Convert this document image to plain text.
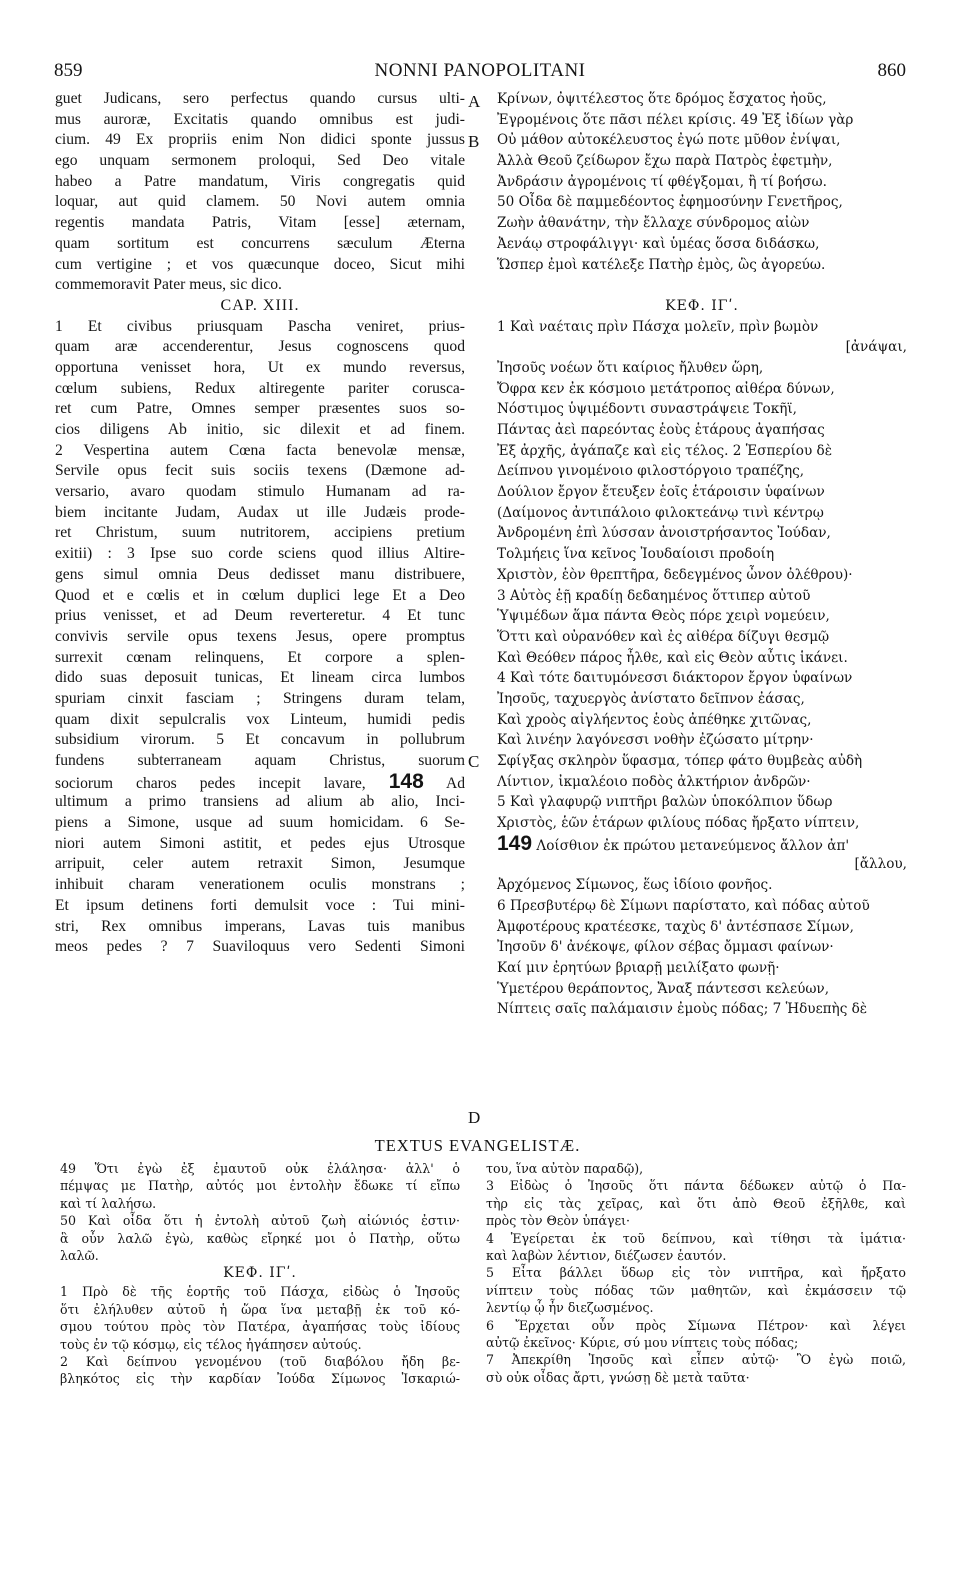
859	NONNI PANOPOLITANI	860
guet Judicans, sero perfectus quando cursus ulti-
mus auroræ, Excitatis quando omnibus est judi-
cium. 49 Ex propriis enim Non didici sponte jussus
ego unquam sermonem proloqui, Sed Deo vitale
habeo a Patre mandatum, Viris congregatis quid
loquar, aut quid clamem. 50 Novi autem omnia
regentis mandata Patris, Vitam [esse] æternam,
quam sortitum est concurrens sæculum Æterna
cum vertigine ; et vos quæcunque doceo, Sicut mihi
commemoravit Pater meus, sic dico.
CAP. XIII.
1 Et civibus priusquam Pascha veniret, prius-
quam aræ accenderentur, Jesus cognoscens quod
opportuna venisset hora, Ut ex mundo reversus,
cœlum subiens, Redux altiregente pariter corusca-
ret cum Patre, Omnes semper præsentes suos so-
cios diligens Ab initio, sic dilexit et ad finem.
2 Vespertina autem Cœna facta benevolæ mensæ,
Servile opus fecit suis sociis texens (Dæmone ad-
versario, avaro quodam stimulo Humanam ad ra-
biem incitante Judam, Audax ut ille Judæis prode-
ret Christum, suum nutritorem, accipiens pretium
exitii) : 3 Ipse suo corde sciens quod illius Altire-
gens simul omnia Deus dedisset manu distribuere,
Quod et e cœlis et in cœlum duplici lege Et a Deo
prius venisset, et ad Deum reverteretur. 4 Et tunc
convivis servile opus texens Jesus, opere promptus
surrexit cœnam relinquens, Et corpore a splen-
dido suas deposuit tunicas, Et lineam circa lumbos
spuriam cinxit fasciam ; Stringens duram telam,
quam dixit sepulcralis vox Linteum, humidi pedis
subsidium virorum. 5 Et concavum in pollubrum
fundens subterraneam aquam Christus, suorum
sociorum charos pedes incepit lavare, 148 Ad
ultimum a primo transiens ad alium ab alio, Inci-
piens a Simone, usque ad suum homicidam. 6 Se-
niori autem Simoni astitit, et pedes ejus Utrosque
arripuit, celer autem retraxit Simon, Jesumque
inhibuit charam venerationem oculis monstrans ;
Et ipsum detinens forti demulsit voce : Tui mini-
stri, Rex omnibus imperans, Lavas tuis manibus
meos pedes ? 7 Suaviloquus vero Sedenti Simoni
A
B
C
D
Κρίνων, ὀψιτέλεστος ὅτε δρόμος ἔσχατος ἠοῦς,
Ἐγρομένοις ὅτε πᾶσι πέλει κρίσις. 49 Ἐξ ἰδίων γὰρ
Οὐ μάθον αὐτοκέλευστος ἐγώ ποτε μῦθον ἐνίψαι,
Ἀλλὰ Θεοῦ ζείδωρον ἔχω παρὰ Πατρὸς ἐφετμὴν,
Ἀνδράσιν ἀγρομένοις τί φθέγξομαι, ἢ τί βοήσω.
50 Οἶδα δὲ παμμεδέοντος ἐφημοσύνην Γενετῆρος,
Ζωὴν ἀθανάτην, τὴν ἔλλαχε σύνδρομος αἰὼν
Ἀενάῳ στροφάλιγγι· καὶ ὑμέας ὅσσα διδάσκω,
Ὥσπερ ἐμοὶ κατέλεξε Πατὴρ ἐμὸς, ὣς ἀγορεύω.
ΚΕΦ. ΙΓʹ.
1 Καὶ ναέταις πρὶν Πάσχα μολεῖν, πρὶν βωμὸν
[ἀνάψαι,
Ἰησοῦς νοέων ὅτι καίριος ἤλυθεν ὥρη,
Ὄφρα κεν ἐκ κόσμοιο μετάτροπος αἰθέρα δύνων,
Νόστιμος ὑψιμέδοντι συναστράψειε Τοκῆϊ,
Πάντας ἀεὶ παρεόντας ἑοὺς ἑτάρους ἀγαπήσας
Ἐξ ἀρχῆς, ἀγάπαζε καὶ εἰς τέλος. 2 Ἑσπερίου δὲ
Δείπνου γινομένοιο φιλοστόργοιο τραπέζης,
Δούλιον ἔργον ἔτευξεν ἑοῖς ἑτάροισιν ὑφαίνων
(Δαίμονος ἀντιπάλοιο φιλοκτεάνῳ τινὶ κέντρῳ
Ἀνδρομένη ἐπὶ λύσσαν ἀνοιστρήσαντος Ἰούδαν,
Τολμήεις ἵνα κεῖνος Ἰουδαίοισι προδοίη
Χριστὸν, ἑὸν θρεπτῆρα, δεδεγμένος ὦνον ὀλέθρου)·
3 Αὐτὸς ἑῇ κραδίῃ δεδαημένος ὅττιπερ αὐτοῦ
Ὑψιμέδων ἅμα πάντα Θεὸς πόρε χειρὶ νομεύειν,
Ὅττι καὶ οὐρανόθεν καὶ ἐς αἰθέρα δίζυγι θεσμῷ
Καὶ Θεόθεν πάρος ἦλθε, καὶ εἰς Θεὸν αὖτις ἱκάνει.
4 Καὶ τότε δαιτυμόνεσσι διάκτορον ἔργον ὑφαίνων
Ἰησοῦς, ταχυεργὸς ἀνίστατο δεῖπνον ἐάσας,
Καὶ χροὸς αἰγλήεντος ἑοὺς ἀπέθηκε χιτῶνας,
Καὶ λινέην λαγόνεσσι νοθὴν ἐζώσατο μίτρην·
Σφίγξας σκληρὸν ὕφασμα, τόπερ φάτο θυμβεὰς αὐδὴ
Λίντιον, ἰκμαλέοιο ποδὸς ἀλκτήριον ἀνδρῶν·
5 Καὶ γλαφυρῷ νιπτῆρι βαλὼν ὑποκόλπιον ὕδωρ
Χριστὸς, ἑῶν ἑτάρων φιλίους πόδας ἤρξατο νίπτειν,
149 Λοίσθιον ἐκ πρώτου μετανεύμενος ἄλλον ἀπ'
[ἄλλου,
Ἀρχόμενος Σίμωνος, ἕως ἰδίοιο φονῆος.
6 Πρεσβυτέρῳ δὲ Σίμωνι παρίστατο, καὶ πόδας αὐτοῦ
Ἀμφοτέρους κρατέεσκε, ταχὺς δ' ἀντέσπασε Σίμων,
Ἰησοῦν δ' ἀνέκοψε, φίλον σέβας ὄμμασι φαίνων·
Καί μιν ἐρητύων βριαρῇ μειλίξατο φωνῇ·
Ὑμετέρου θεράποντος, Ἄναξ πάντεσσι κελεύων,
Νίπτεις σαῖς παλάμαισιν ἐμοὺς πόδας; 7 Ἡδυεπὴς δὲ
TEXTUS EVANGELISTÆ.
49 Ὅτι ἐγὼ ἐξ ἐμαυτοῦ οὐκ ἐλάλησα· ἀλλ' ὁ
πέμψας με Πατὴρ, αὐτός μοι ἐντολὴν ἔδωκε τί εἴπω
καὶ τί λαλήσω.
50 Καὶ οἶδα ὅτι ἡ ἐντολὴ αὐτοῦ ζωὴ αἰώνιός ἐστιν·
ἃ οὖν λαλῶ ἐγὼ, καθὼς εἴρηκέ μοι ὁ Πατὴρ, οὕτω
λαλῶ.
ΚΕΦ. ΙΓʹ.
1 Πρὸ δὲ τῆς ἑορτῆς τοῦ Πάσχα, εἰδὼς ὁ Ἰησοῦς
ὅτι ἐλήλυθεν αὐτοῦ ἡ ὥρα ἵνα μεταβῇ ἐκ τοῦ κό-
σμου τούτου πρὸς τὸν Πατέρα, ἀγαπήσας τοὺς ἰδίους
τοὺς ἐν τῷ κόσμῳ, εἰς τέλος ἠγάπησεν αὐτούς.
2 Καὶ δείπνου γενομένου (τοῦ διαβόλου ἤδη βε-
βληκότος εἰς τὴν καρδίαν Ἰούδα Σίμωνος Ἰσκαριώ-
του, ἵνα αὐτὸν παραδῷ),
3 Εἰδὼς ὁ Ἰησοῦς ὅτι πάντα δέδωκεν αὐτῷ ὁ Πα-
τὴρ εἰς τὰς χεῖρας, καὶ ὅτι ἀπὸ Θεοῦ ἐξῆλθε, καὶ
πρὸς τὸν Θεὸν ὑπάγει·
4 Ἐγείρεται ἐκ τοῦ δείπνου, καὶ τίθησι τὰ ἱμάτια·
καὶ λαβὼν λέντιον, διέζωσεν ἑαυτόν.
5 Εἶτα βάλλει ὕδωρ εἰς τὸν νιπτῆρα, καὶ ἤρξατο
νίπτειν τοὺς πόδας τῶν μαθητῶν, καὶ ἐκμάσσειν τῷ
λεντίῳ ᾧ ἦν διεζωσμένος.
6 Ἔρχεται οὖν πρὸς Σίμωνα Πέτρον· καὶ λέγει
αὐτῷ ἐκεῖνος· Κύριε, σύ μου νίπτεις τοὺς πόδας;
7 Ἀπεκρίθη Ἰησοῦς καὶ εἶπεν αὐτῷ· Ὃ ἐγὼ ποιῶ,
σὺ οὐκ οἶδας ἄρτι, γνώσῃ δὲ μετὰ ταῦτα·
